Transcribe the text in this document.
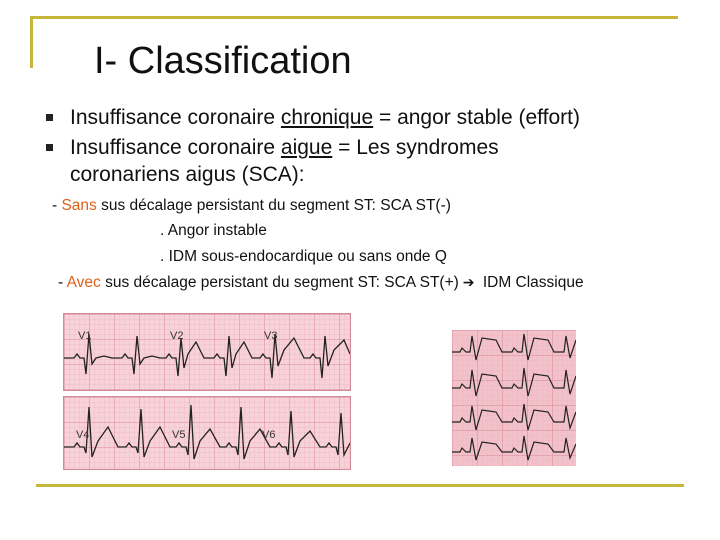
I- Classification
Insuffisance coronaire chronique = angor stable (effort)
Insuffisance coronaire aigue = Les syndromes
coronariens aigus (SCA):
- Sans sus décalage persistant du segment ST: SCA ST(-)
. Angor instable
. IDM sous-endocardique ou sans onde Q
- Avec sus décalage persistant du segment ST: SCA ST(+) ➔ IDM Classique
V1	V2	V3
V4	V5	V6
